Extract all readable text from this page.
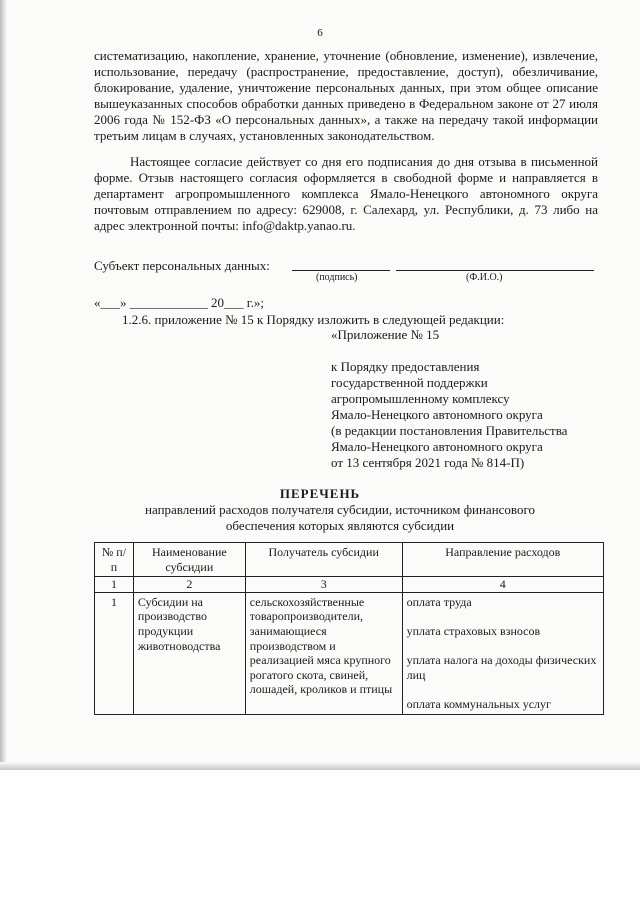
6
систематизацию, накопление, хранение, уточнение (обновление, изменение), извлечение, использование, передачу (распространение, предоставление, доступ), обезличивание, блокирование, удаление, уничтожение персональных данных, при этом общее описание вышеуказанных способов обработки данных приведено в Федеральном законе от 27 июля 2006 года № 152-ФЗ «О персональных данных», а также на передачу такой информации третьим лицам в случаях, установленных законодательством.
Настоящее согласие действует со дня его подписания до дня отзыва в письменной форме. Отзыв настоящего согласия оформляется в свободной форме и направляется в департамент агропромышленного комплекса Ямало-Ненецкого автономного округа почтовым отправлением по адресу: 629008, г. Салехард, ул. Республики, д. 73 либо на адрес электронной почты: info@daktp.yanao.ru.
Субъект персональных данных:
(подпись)	(Ф.И.О.)
«___» ____________ 20___ г.»;
1.2.6. приложение № 15 к Порядку изложить в следующей редакции:
«Приложение № 15
к Порядку предоставления
государственной поддержки
агропромышленному комплексу
Ямало-Ненецкого автономного округа
(в редакции постановления Правительства
Ямало-Ненецкого автономного округа
от 13 сентября 2021 года № 814-П)
ПЕРЕЧЕНЬ
направлений расходов получателя субсидии, источником финансового обеспечения которых являются субсидии
№ п/п	Наименование субсидии	Получатель субсидии	Направление расходов
1	2	3	4
1	Субсидии на производство продукции животноводства	сельскохозяйственные товаропроизводители, занимающиеся производством и реализацией мяса крупного рогатого скота, свиней, лошадей, кроликов и птицы	оплата труда
уплата страховых взносов
уплата налога на доходы физических лиц
оплата коммунальных услуг
